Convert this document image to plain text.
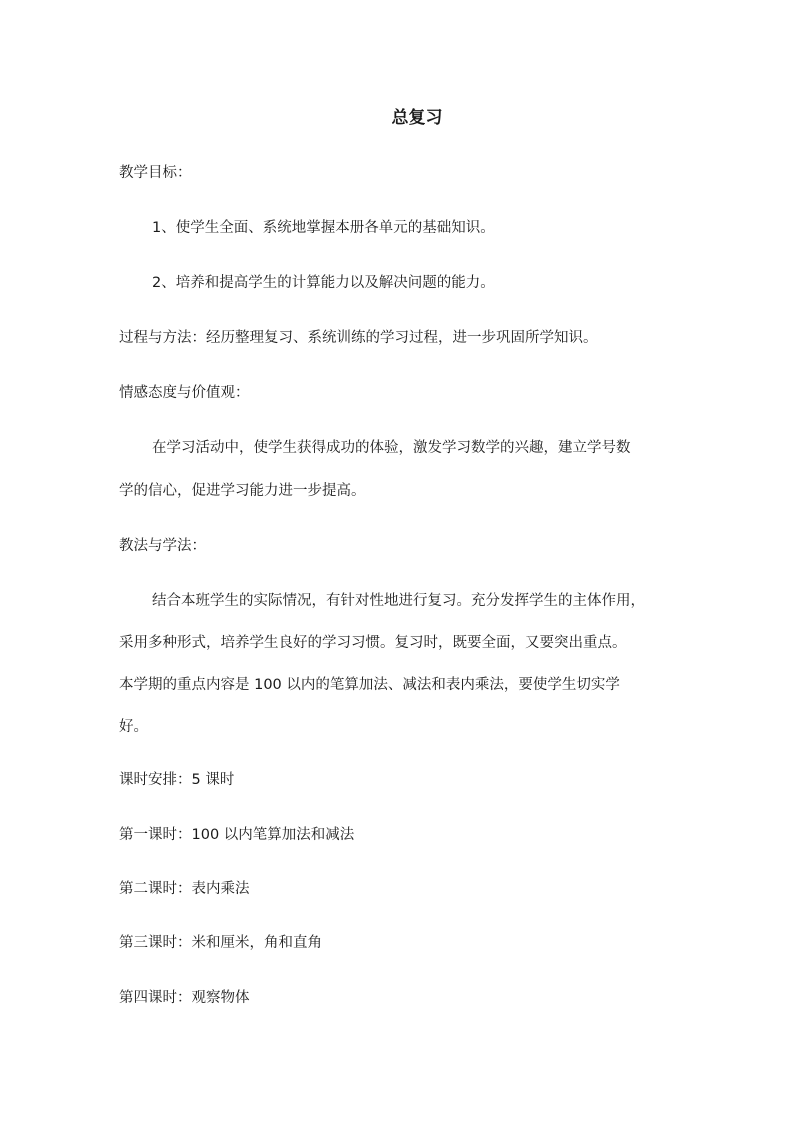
总复习
教学目标：
1、使学生全面、系统地掌握本册各单元的基础知识。
2、培养和提高学生的计算能力以及解决问题的能力。
过程与方法：经历整理复习、系统训练的学习过程，进一步巩固所学知识。
情感态度与价值观：
在学习活动中，使学生获得成功的体验，激发学习数学的兴趣，建立学号数
学的信心，促进学习能力进一步提高。
教法与学法：
结合本班学生的实际情况，有针对性地进行复习。充分发挥学生的主体作用，
采用多种形式，培养学生良好的学习习惯。复习时，既要全面，又要突出重点。
本学期的重点内容是 100 以内的笔算加法、减法和表内乘法，要使学生切实学
好。
课时安排：5 课时
第一课时：100 以内笔算加法和减法
第二课时：表内乘法
第三课时：米和厘米，角和直角
第四课时：观察物体
